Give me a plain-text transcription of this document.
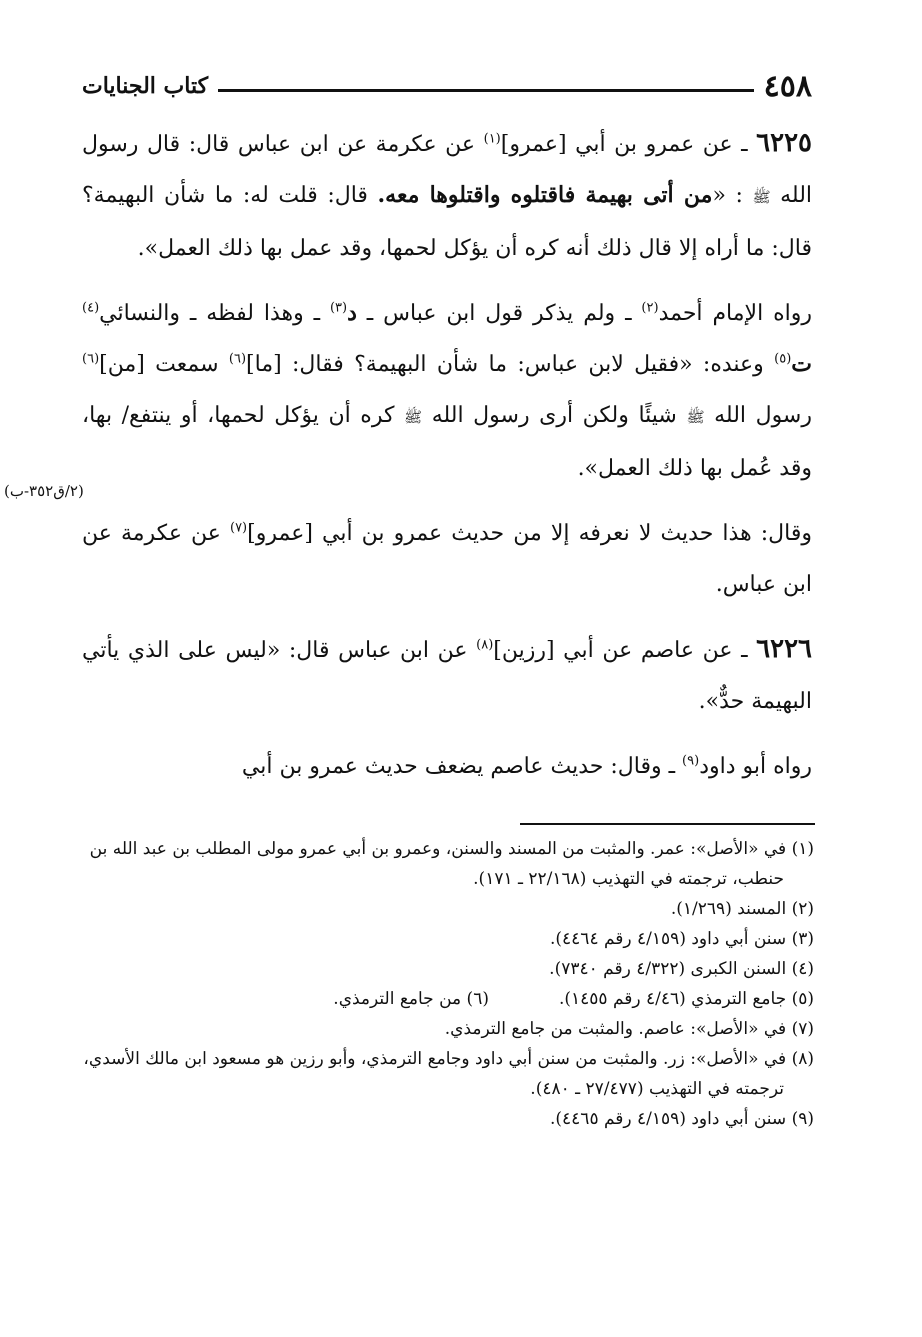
٤٥٨
كتاب الجنايات

٦٢٢٥ ـ عن عمرو بن أبي [عمرو]$^{(١)}$ عن عكرمة عن ابن عباس قال: قال رسول الله ﷺ : «من أتى بهيمة فاقتلوه واقتلوها معه. قال: قلت له: ما شأن البهيمة؟ قال: ما أراه إلا قال ذلك أنه كره أن يؤكل لحمها، وقد عمل بها ذلك العمل».

رواه الإمام أحمد$^{(٢)}$ ـ ولم يذكر قول ابن عباس ـ د$^{(٣)}$ ـ وهذا لفظه ـ والنسائي$^{(٤)}$ ت$^{(٥)}$ وعنده: «فقيل لابن عباس: ما شأن البهيمة؟ فقال: [ما]$^{(٦)}$ سمعت [من]$^{(٦)}$ رسول الله ﷺ شيئًا ولكن أرى رسول الله ﷺ كره أن يؤكل لحمها، أو ينتفع/ بها، وقد عُمل بها ذلك العمل».

وقال: هذا حديث لا نعرفه إلا من حديث عمرو بن أبي [عمرو]$^{(٧)}$ عن عكرمة عن ابن عباس.

٦٢٢٦ ـ عن عاصم عن أبي [رزين]$^{(٨)}$ عن ابن عباس قال: «ليس على الذي يأتي البهيمة حدٌّ».

رواه أبو داود$^{(٩)}$ ـ وقال: حديث عاصم يضعف حديث عمرو بن أبي

(٢/ق٣٥٢-ب)
(١) في «الأصل»: عمر. والمثبت من المسند والسنن، وعمرو بن أبي عمرو مولى المطلب بن عبد الله بن حنطب، ترجمته في التهذيب (٢٢/١٦٨ ـ ١٧١).
(٢) المسند (١/٢٦٩).
(٣) سنن أبي داود (٤/١٥٩ رقم ٤٤٦٤).
(٤) السنن الكبرى (٤/٣٢٢ رقم ٧٣٤٠).
(٥) جامع الترمذي (٤/٤٦ رقم ١٤٥٥).
(٦) من جامع الترمذي.
(٧) في «الأصل»: عاصم. والمثبت من جامع الترمذي.
(٨) في «الأصل»: زر. والمثبت من سنن أبي داود وجامع الترمذي، وأبو رزين هو مسعود ابن مالك الأسدي، ترجمته في التهذيب (٢٧/٤٧٧ ـ ٤٨٠).
(٩) سنن أبي داود (٤/١٥٩ رقم ٤٤٦٥).
